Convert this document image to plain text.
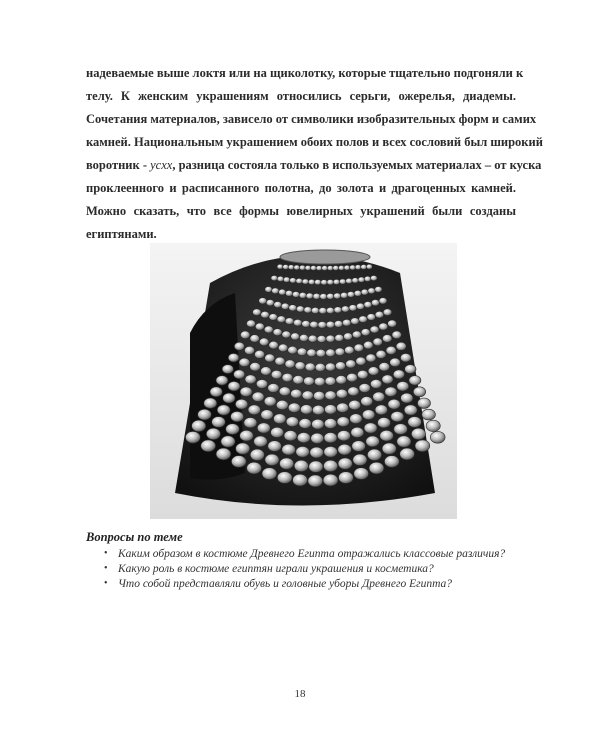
надеваемые выше локтя или на щиколотку, которые тщательно подгоняли к
телу. К женским украшениям относились серьги, ожерелья, диадемы.
Сочетания материалов, зависело от символики изобразительных форм и самих
камней. Национальным украшением обоих полов и всех сословий был широкий
воротник - уcxх, разница состояла только в используемых материалах – от куска
проклеенного и расписанного полотна, до золота и драгоценных камней.
Можно сказать, что все формы ювелирных украшений были созданы
египтянами.
Вопросы по теме
• Каким образом в костюме Древнего Египта отражались классовые различия?
• Какую роль в костюме египтян играли украшения и косметика?
• Что собой представляли обувь и головные уборы Древнего Египта?
18
